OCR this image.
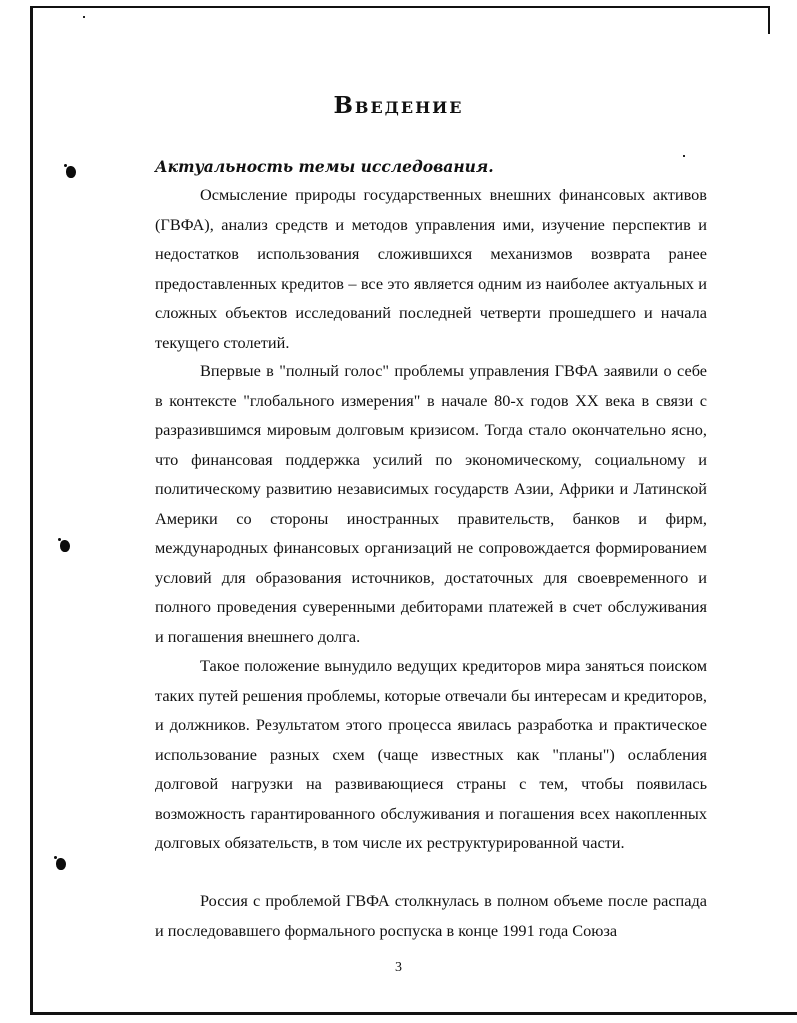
Введение
Актуальность темы исследования.

Осмысление природы государственных внешних финансовых активов (ГВФА), анализ средств и методов управления ими, изучение перспектив и недостатков использования сложившихся механизмов возврата ранее предоставленных кредитов – все это является одним из наиболее актуальных и сложных объектов исследований последней четверти прошедшего и начала текущего столетий.

Впервые в "полный голос" проблемы управления ГВФА заявили о себе в контексте "глобального измерения" в начале 80-х годов XX века в связи с разразившимся мировым долговым кризисом. Тогда стало окончательно ясно, что финансовая поддержка усилий по экономическому, социальному и политическому развитию независимых государств Азии, Африки и Латинской Америки со стороны иностранных правительств, банков и фирм, международных финансовых организаций не сопровождается формированием условий для образования источников, достаточных для своевременного и полного проведения суверенными дебиторами платежей в счет обслуживания и погашения внешнего долга.

Такое положение вынудило ведущих кредиторов мира заняться поиском таких путей решения проблемы, которые отвечали бы интересам и кредиторов, и должников. Результатом этого процесса явилась разработка и практическое использование разных схем (чаще известных как "планы") ослабления долговой нагрузки на развивающиеся страны с тем, чтобы появилась возможность гарантированного обслуживания и погашения всех накопленных долговых обязательств, в том числе их реструктурированной части.

Россия с проблемой ГВФА столкнулась в полном объеме после распада и последовавшего формального роспуска в конце 1991 года Союза

3
